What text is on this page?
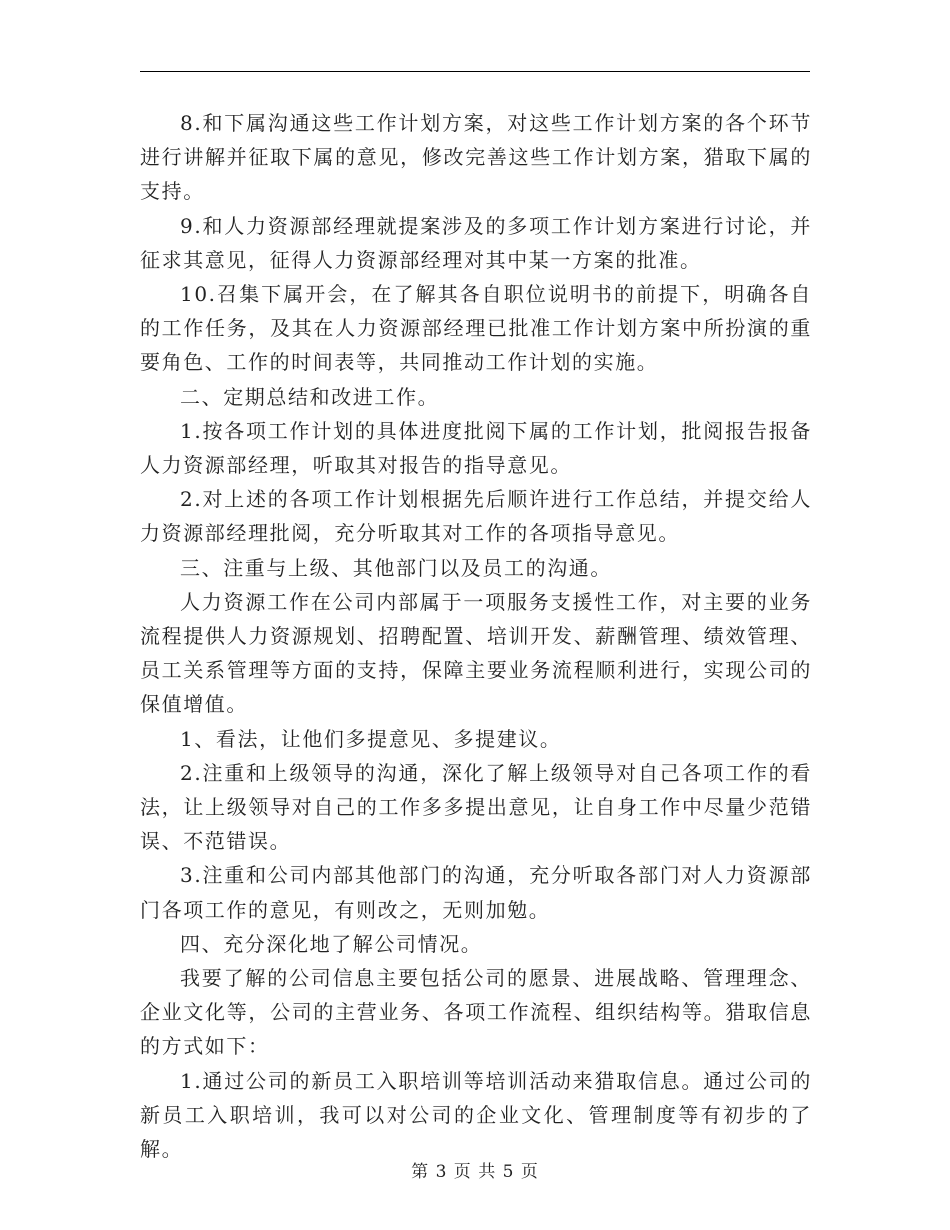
8.和下属沟通这些工作计划方案，对这些工作计划方案的各个环节进行讲解并征取下属的意见，修改完善这些工作计划方案，猎取下属的支持。

9.和人力资源部经理就提案涉及的多项工作计划方案进行讨论，并征求其意见，征得人力资源部经理对其中某一方案的批准。

10.召集下属开会，在了解其各自职位说明书的前提下，明确各自的工作任务，及其在人力资源部经理已批准工作计划方案中所扮演的重要角色、工作的时间表等，共同推动工作计划的实施。

二、定期总结和改进工作。

1.按各项工作计划的具体进度批阅下属的工作计划，批阅报告报备人力资源部经理，听取其对报告的指导意见。

2.对上述的各项工作计划根据先后顺许进行工作总结，并提交给人力资源部经理批阅，充分听取其对工作的各项指导意见。

三、注重与上级、其他部门以及员工的沟通。

人力资源工作在公司内部属于一项服务支援性工作，对主要的业务流程提供人力资源规划、招聘配置、培训开发、薪酬管理、绩效管理、员工关系管理等方面的支持，保障主要业务流程顺利进行，实现公司的保值增值。

1、看法，让他们多提意见、多提建议。

2.注重和上级领导的沟通，深化了解上级领导对自己各项工作的看法，让上级领导对自己的工作多多提出意见，让自身工作中尽量少范错误、不范错误。

3.注重和公司内部其他部门的沟通，充分听取各部门对人力资源部门各项工作的意见，有则改之，无则加勉。

四、充分深化地了解公司情况。

我要了解的公司信息主要包括公司的愿景、进展战略、管理理念、企业文化等，公司的主营业务、各项工作流程、组织结构等。猎取信息的方式如下：

1.通过公司的新员工入职培训等培训活动来猎取信息。通过公司的新员工入职培训，我可以对公司的企业文化、管理制度等有初步的了解。

第 3 页 共 5 页
